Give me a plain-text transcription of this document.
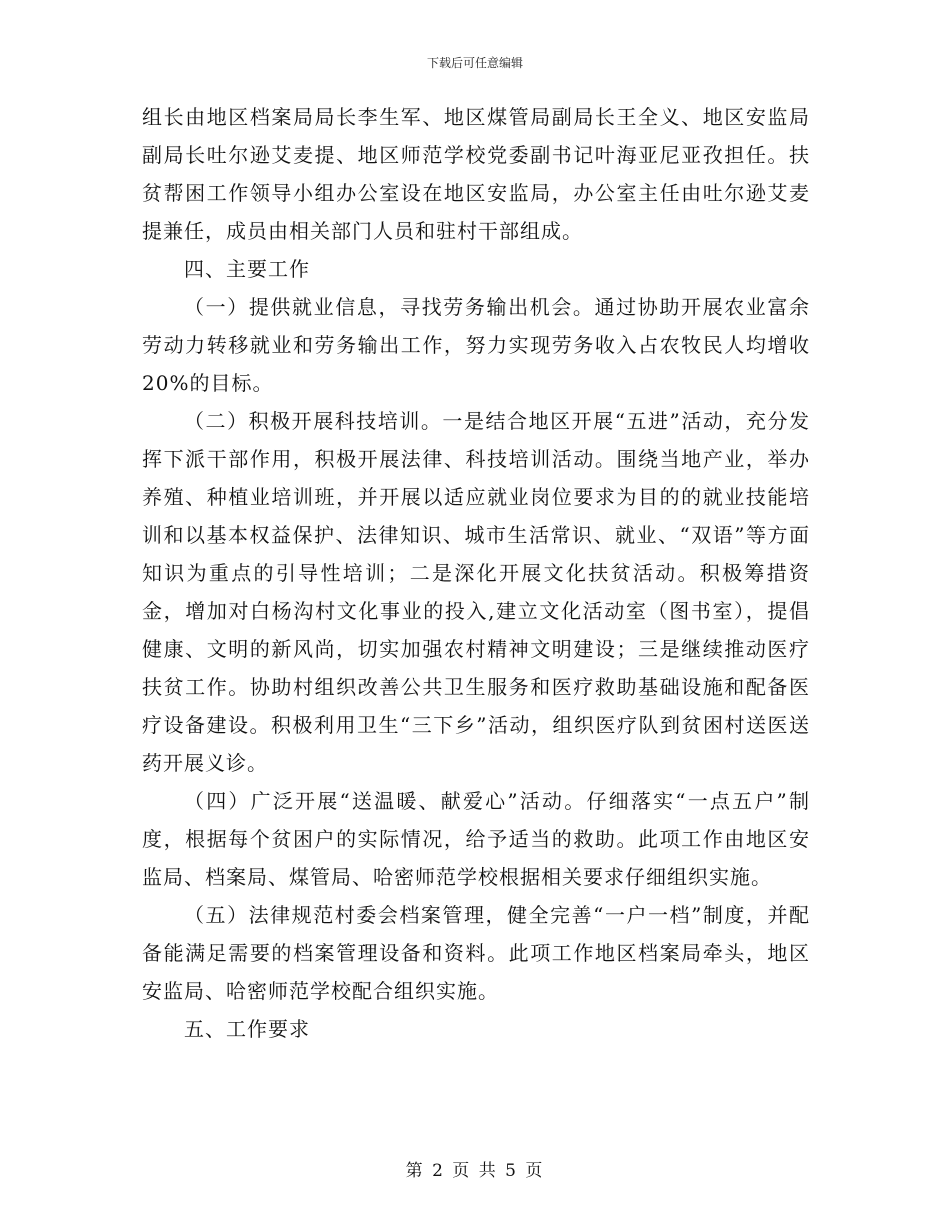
下载后可任意编辑

组长由地区档案局局长李生军、地区煤管局副局长王全义、地区安监局副局长吐尔逊艾麦提、地区师范学校党委副书记叶海亚尼亚孜担任。扶贫帮困工作领导小组办公室设在地区安监局，办公室主任由吐尔逊艾麦提兼任，成员由相关部门人员和驻村干部组成。

四、主要工作

（一）提供就业信息，寻找劳务输出机会。通过协助开展农业富余劳动力转移就业和劳务输出工作，努力实现劳务收入占农牧民人均增收20%的目标。

（二）积极开展科技培训。一是结合地区开展“五进”活动，充分发挥下派干部作用，积极开展法律、科技培训活动。围绕当地产业，举办养殖、种植业培训班，并开展以适应就业岗位要求为目的的就业技能培训和以基本权益保护、法律知识、城市生活常识、就业、“双语”等方面知识为重点的引导性培训；二是深化开展文化扶贫活动。积极筹措资金，增加对白杨沟村文化事业的投入,建立文化活动室（图书室），提倡健康、文明的新风尚，切实加强农村精神文明建设；三是继续推动医疗扶贫工作。协助村组织改善公共卫生服务和医疗救助基础设施和配备医疗设备建设。积极利用卫生“三下乡”活动，组织医疗队到贫困村送医送药开展义诊。

（四）广泛开展“送温暖、献爱心”活动。仔细落实“一点五户”制度，根据每个贫困户的实际情况，给予适当的救助。此项工作由地区安监局、档案局、煤管局、哈密师范学校根据相关要求仔细组织实施。

（五）法律规范村委会档案管理，健全完善“一户一档”制度，并配备能满足需要的档案管理设备和资料。此项工作地区档案局牵头，地区安监局、哈密师范学校配合组织实施。

五、工作要求

第 2 页 共 5 页
